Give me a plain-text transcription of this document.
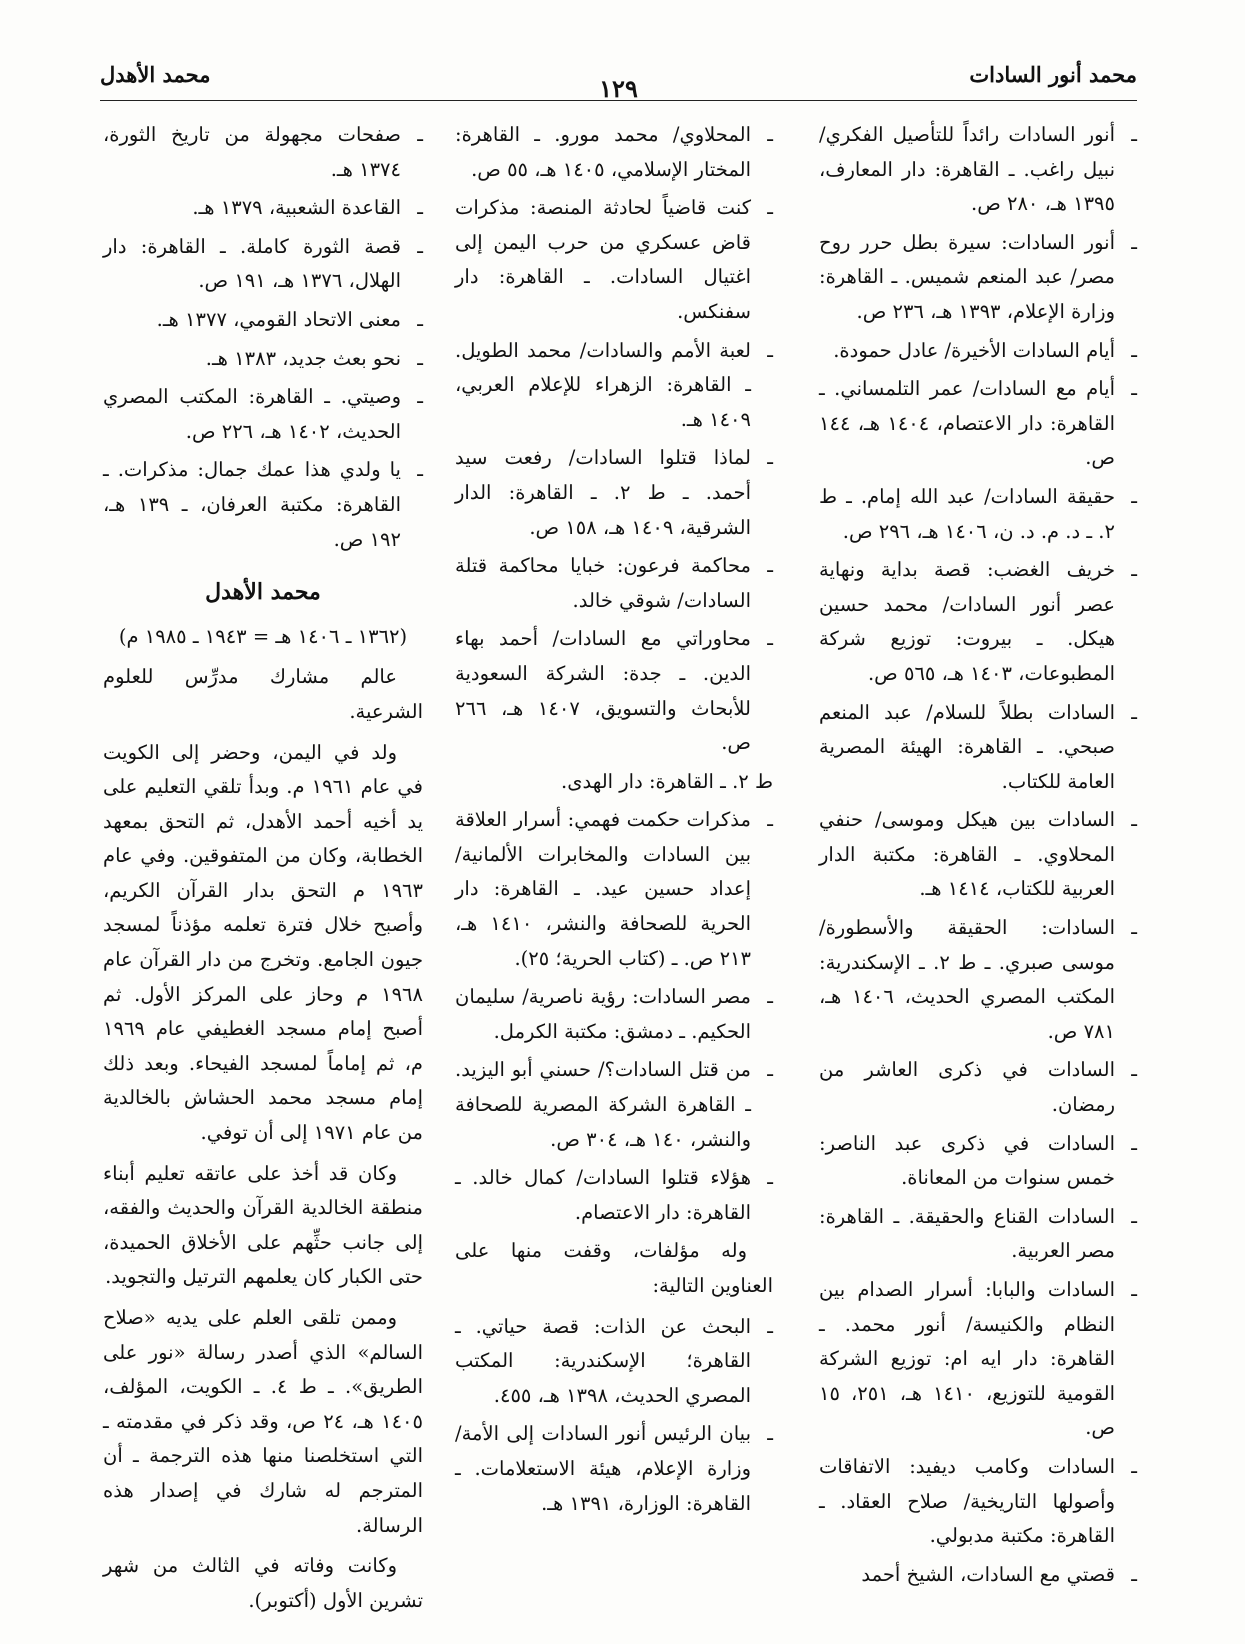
محمد أنور السادات
١٢٩
محمد الأهدل
ـ أنور السادات رائداً للتأصيل الفكري/ نبيل راغب. ـ القاهرة: دار المعارف، ١٣٩٥ هـ، ٢٨٠ ص.
ـ أنور السادات: سيرة بطل حرر روح مصر/ عبد المنعم شميس. ـ القاهرة: وزارة الإعلام، ١٣٩٣ هـ، ٢٣٦ ص.
ـ أيام السادات الأخيرة/ عادل حمودة.
ـ أيام مع السادات/ عمر التلمساني. ـ القاهرة: دار الاعتصام، ١٤٠٤ هـ، ١٤٤ ص.
ـ حقيقة السادات/ عبد الله إمام. ـ ط ٢. ـ د. م. د. ن، ١٤٠٦ هـ، ٢٩٦ ص.
ـ خريف الغضب: قصة بداية ونهاية عصر أنور السادات/ محمد حسين هيكل. ـ بيروت: توزيع شركة المطبوعات، ١٤٠٣ هـ، ٥٦٥ ص.
ـ السادات بطلاً للسلام/ عبد المنعم صبحي. ـ القاهرة: الهيئة المصرية العامة للكتاب.
ـ السادات بين هيكل وموسى/ حنفي المحلاوي. ـ القاهرة: مكتبة الدار العربية للكتاب، ١٤١٤ هـ.
ـ السادات: الحقيقة والأسطورة/ موسى صبري. ـ ط ٢. ـ الإسكندرية: المكتب المصري الحديث، ١٤٠٦ هـ، ٧٨١ ص.
ـ السادات في ذكرى العاشر من رمضان.
ـ السادات في ذكرى عبد الناصر: خمس سنوات من المعاناة.
ـ السادات القناع والحقيقة. ـ القاهرة: مصر العربية.
ـ السادات والبابا: أسرار الصدام بين النظام والكنيسة/ أنور محمد. ـ القاهرة: دار ايه ام: توزيع الشركة القومية للتوزيع، ١٤١٠ هـ، ٢٥١، ١٥ ص.
ـ السادات وكامب ديفيد: الاتفاقات وأصولها التاريخية/ صلاح العقاد. ـ القاهرة: مكتبة مدبولي.
ـ قصتي مع السادات، الشيخ أحمد
ـ المحلاوي/ محمد مورو. ـ القاهرة: المختار الإسلامي، ١٤٠٥ هـ، ٥٥ ص.
ـ كنت قاضياً لحادثة المنصة: مذكرات قاض عسكري من حرب اليمن إلى اغتيال السادات. ـ القاهرة: دار سفنكس.
ـ لعبة الأمم والسادات/ محمد الطويل. ـ القاهرة: الزهراء للإعلام العربي، ١٤٠٩ هـ.
ـ لماذا قتلوا السادات/ رفعت سيد أحمد. ـ ط ٢. ـ القاهرة: الدار الشرقية، ١٤٠٩ هـ، ١٥٨ ص.
ـ محاكمة فرعون: خبايا محاكمة قتلة السادات/ شوقي خالد.
ـ محاوراتي مع السادات/ أحمد بهاء الدين. ـ جدة: الشركة السعودية للأبحاث والتسويق، ١٤٠٧ هـ، ٢٦٦ ص.
ط ٢. ـ القاهرة: دار الهدى.
ـ مذكرات حكمت فهمي: أسرار العلاقة بين السادات والمخابرات الألمانية/ إعداد حسين عيد. ـ القاهرة: دار الحرية للصحافة والنشر، ١٤١٠ هـ، ٢١٣ ص. ـ (كتاب الحرية؛ ٢٥).
ـ مصر السادات: رؤية ناصرية/ سليمان الحكيم. ـ دمشق: مكتبة الكرمل.
ـ من قتل السادات؟/ حسني أبو اليزيد. ـ القاهرة الشركة المصرية للصحافة والنشر، ١٤٠ هـ، ٣٠٤ ص.
ـ هؤلاء قتلوا السادات/ كمال خالد. ـ القاهرة: دار الاعتصام.
وله مؤلفات، وقفت منها على العناوين التالية:
ـ البحث عن الذات: قصة حياتي. ـ القاهرة؛ الإسكندرية: المكتب المصري الحديث، ١٣٩٨ هـ، ٤٥٥.
ـ بيان الرئيس أنور السادات إلى الأمة/ وزارة الإعلام، هيئة الاستعلامات. ـ القاهرة: الوزارة، ١٣٩١ هـ.
ـ صفحات مجهولة من تاريخ الثورة، ١٣٧٤ هـ.
ـ القاعدة الشعبية، ١٣٧٩ هـ.
ـ قصة الثورة كاملة. ـ القاهرة: دار الهلال، ١٣٧٦ هـ، ١٩١ ص.
ـ معنى الاتحاد القومي، ١٣٧٧ هـ.
ـ نحو بعث جديد، ١٣٨٣ هـ.
ـ وصيتي. ـ القاهرة: المكتب المصري الحديث، ١٤٠٢ هـ، ٢٢٦ ص.
ـ يا ولدي هذا عمك جمال: مذكرات. ـ القاهرة: مكتبة العرفان، ـ ١٣٩ هـ، ١٩٢ ص.
محمد الأهدل
(١٣٦٢ ـ ١٤٠٦ هـ = ١٩٤٣ ـ ١٩٨٥ م)
عالم مشارك مدرِّس للعلوم الشرعية.
ولد في اليمن، وحضر إلى الكويت في عام ١٩٦١ م. وبدأ تلقي التعليم على يد أخيه أحمد الأهدل، ثم التحق بمعهد الخطابة، وكان من المتفوقين. وفي عام ١٩٦٣ م التحق بدار القرآن الكريم، وأصبح خلال فترة تعلمه مؤذناً لمسجد جيون الجامع. وتخرج من دار القرآن عام ١٩٦٨ م وحاز على المركز الأول. ثم أصبح إمام مسجد الغطيفي عام ١٩٦٩ م، ثم إماماً لمسجد الفيحاء. وبعد ذلك إمام مسجد محمد الحشاش بالخالدية من عام ١٩٧١ إلى أن توفي.
وكان قد أخذ على عاتقه تعليم أبناء منطقة الخالدية القرآن والحديث والفقه، إلى جانب حثِّهم على الأخلاق الحميدة، حتى الكبار كان يعلمهم الترتيل والتجويد.
وممن تلقى العلم على يديه «صلاح السالم» الذي أصدر رسالة «نور على الطريق». ـ ط ٤. ـ الكويت، المؤلف، ١٤٠٥ هـ، ٢٤ ص، وقد ذكر في مقدمته ـ التي استخلصنا منها هذه الترجمة ـ أن المترجم له شارك في إصدار هذه الرسالة.
وكانت وفاته في الثالث من شهر تشرين الأول (أكتوبر).
